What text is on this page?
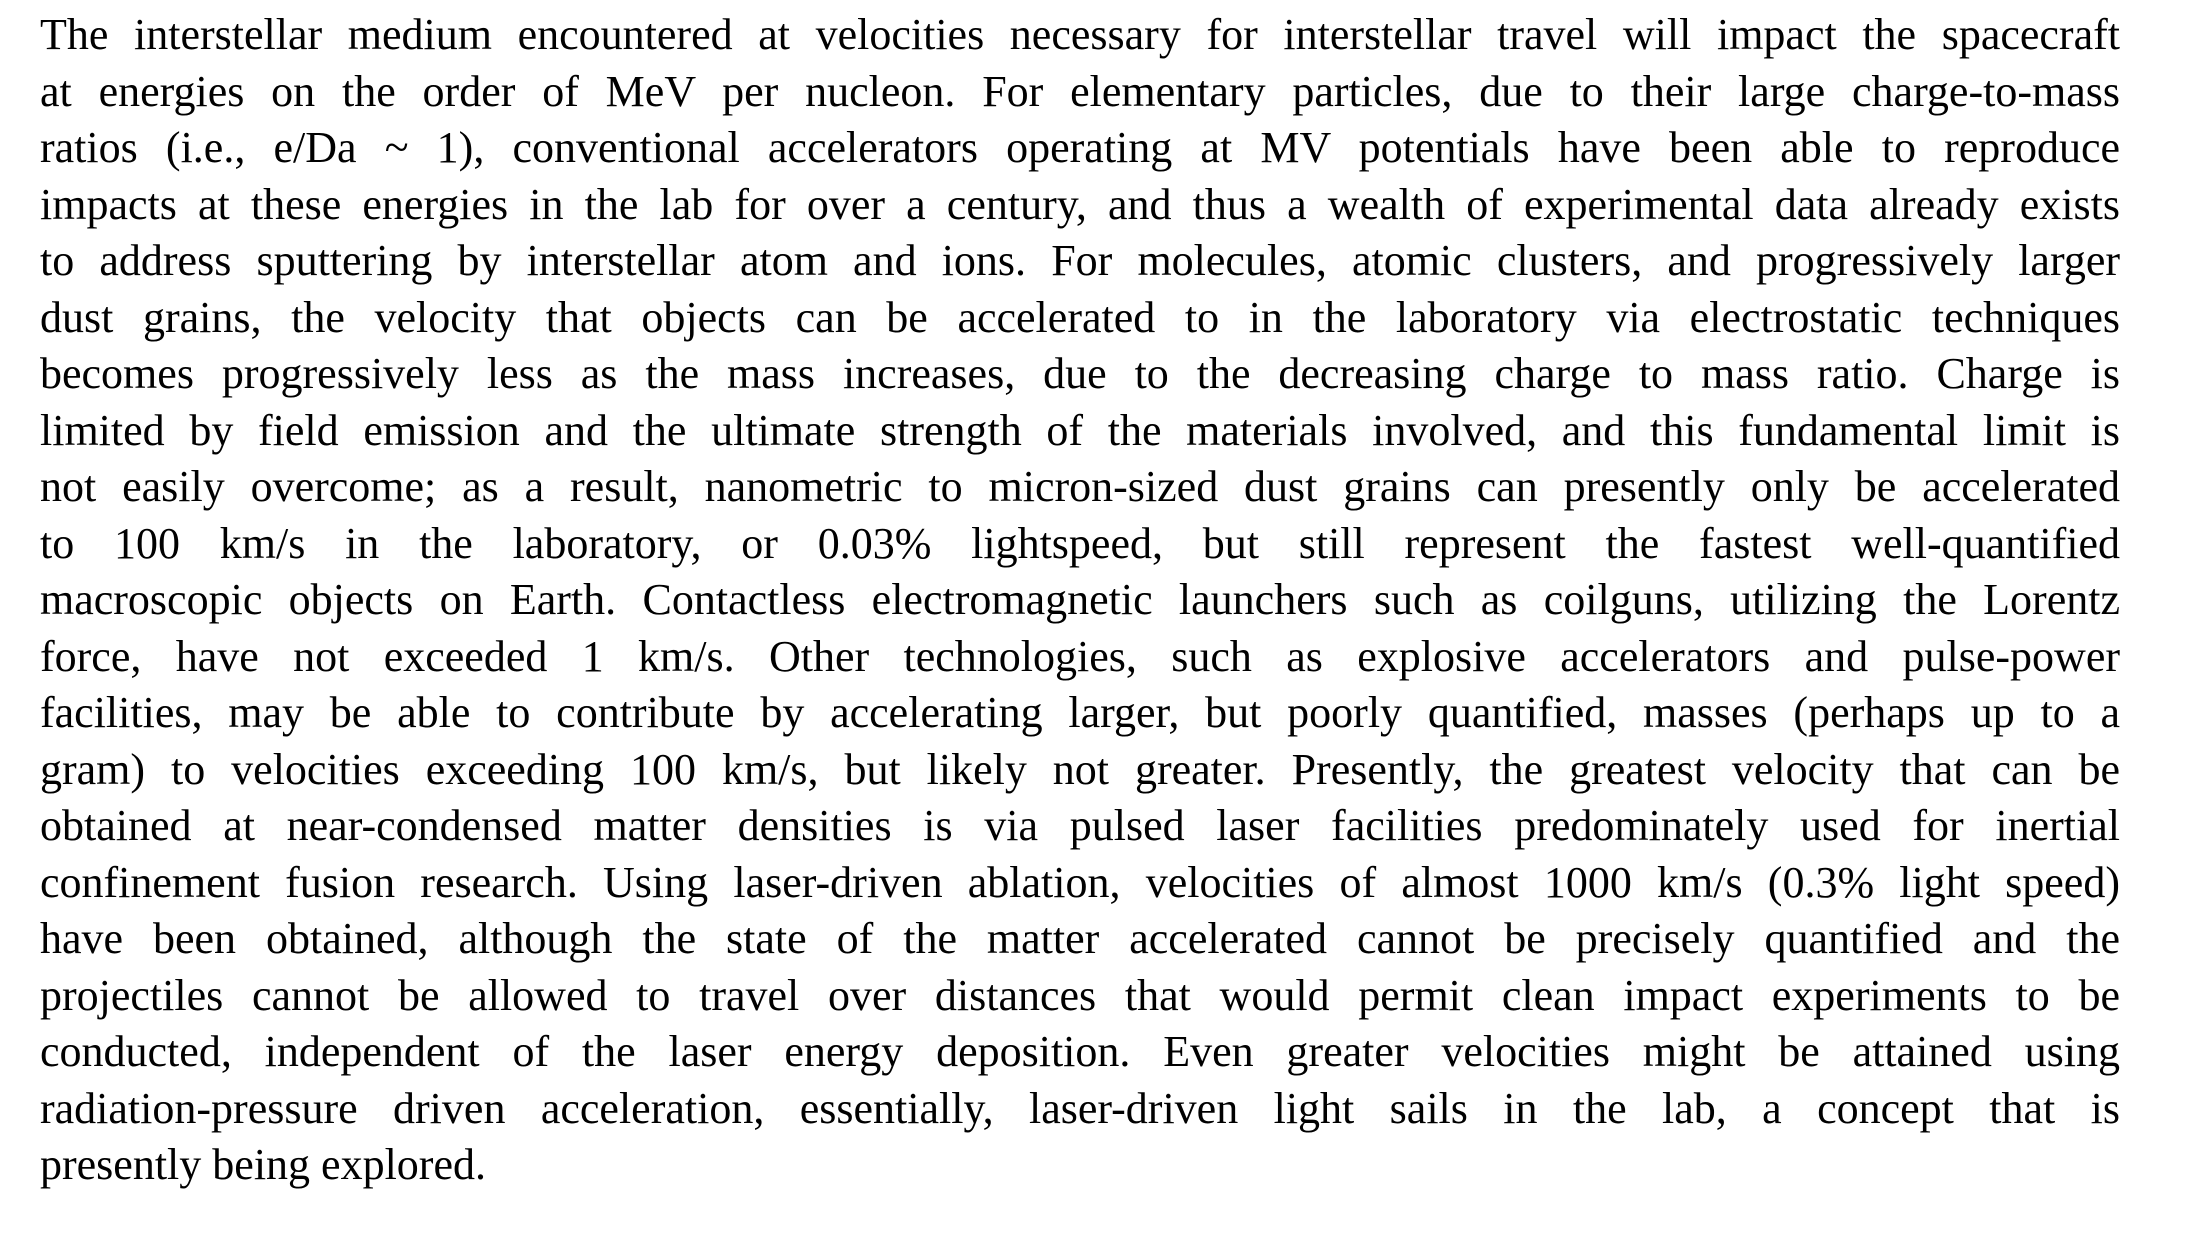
The interstellar medium encountered at velocities necessary for interstellar travel will impact the spacecraft
at energies on the order of MeV per nucleon. For elementary particles, due to their large charge-to-mass
ratios (i.e., e/Da ~ 1), conventional accelerators operating at MV potentials have been able to reproduce
impacts at these energies in the lab for over a century, and thus a wealth of experimental data already exists
to address sputtering by interstellar atom and ions. For molecules, atomic clusters, and progressively larger
dust grains, the velocity that objects can be accelerated to in the laboratory via electrostatic techniques
becomes progressively less as the mass increases, due to the decreasing charge to mass ratio. Charge is
limited by field emission and the ultimate strength of the materials involved, and this fundamental limit is
not easily overcome; as a result, nanometric to micron-sized dust grains can presently only be accelerated
to 100 km/s in the laboratory, or 0.03% lightspeed, but still represent the fastest well-quantified
macroscopic objects on Earth. Contactless electromagnetic launchers such as coilguns, utilizing the Lorentz
force, have not exceeded 1 km/s. Other technologies, such as explosive accelerators and pulse-power
facilities, may be able to contribute by accelerating larger, but poorly quantified, masses (perhaps up to a
gram) to velocities exceeding 100 km/s, but likely not greater. Presently, the greatest velocity that can be
obtained at near-condensed matter densities is via pulsed laser facilities predominately used for inertial
confinement fusion research. Using laser-driven ablation, velocities of almost 1000 km/s (0.3% light speed)
have been obtained, although the state of the matter accelerated cannot be precisely quantified and the
projectiles cannot be allowed to travel over distances that would permit clean impact experiments to be
conducted, independent of the laser energy deposition. Even greater velocities might be attained using
radiation-pressure driven acceleration, essentially, laser-driven light sails in the lab, a concept that is
presently being explored.
